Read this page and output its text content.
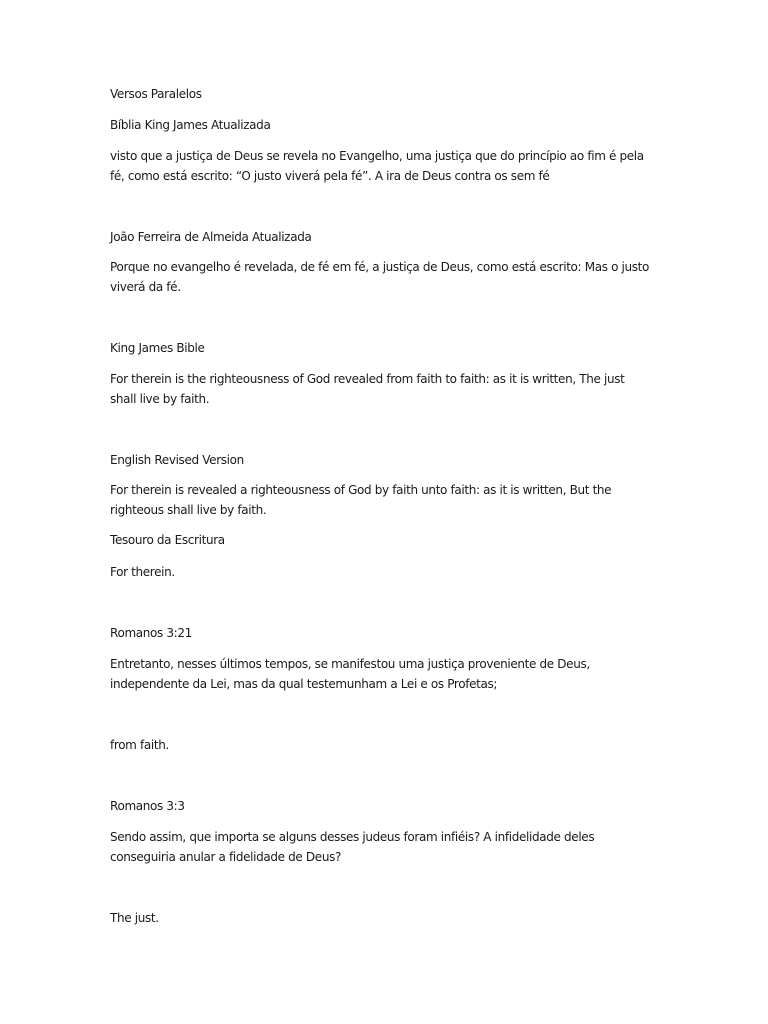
Versos Paralelos
Bíblia King James Atualizada
visto que a justiça de Deus se revela no Evangelho, uma justiça que do princípio ao fim é pela fé, como está escrito: “O justo viverá pela fé”. A ira de Deus contra os sem fé
João Ferreira de Almeida Atualizada
Porque no evangelho é revelada, de fé em fé, a justiça de Deus, como está escrito: Mas o justo viverá da fé.
King James Bible
For therein is the righteousness of God revealed from faith to faith: as it is written, The just shall live by faith.
English Revised Version
For therein is revealed a righteousness of God by faith unto faith: as it is written, But the righteous shall live by faith.
Tesouro da Escritura
For therein.
Romanos 3:21
Entretanto, nesses últimos tempos, se manifestou uma justiça proveniente de Deus, independente da Lei, mas da qual testemunham a Lei e os Profetas;
from faith.
Romanos 3:3
Sendo assim, que importa se alguns desses judeus foram infiéis? A infidelidade deles conseguiria anular a fidelidade de Deus?
The just.
